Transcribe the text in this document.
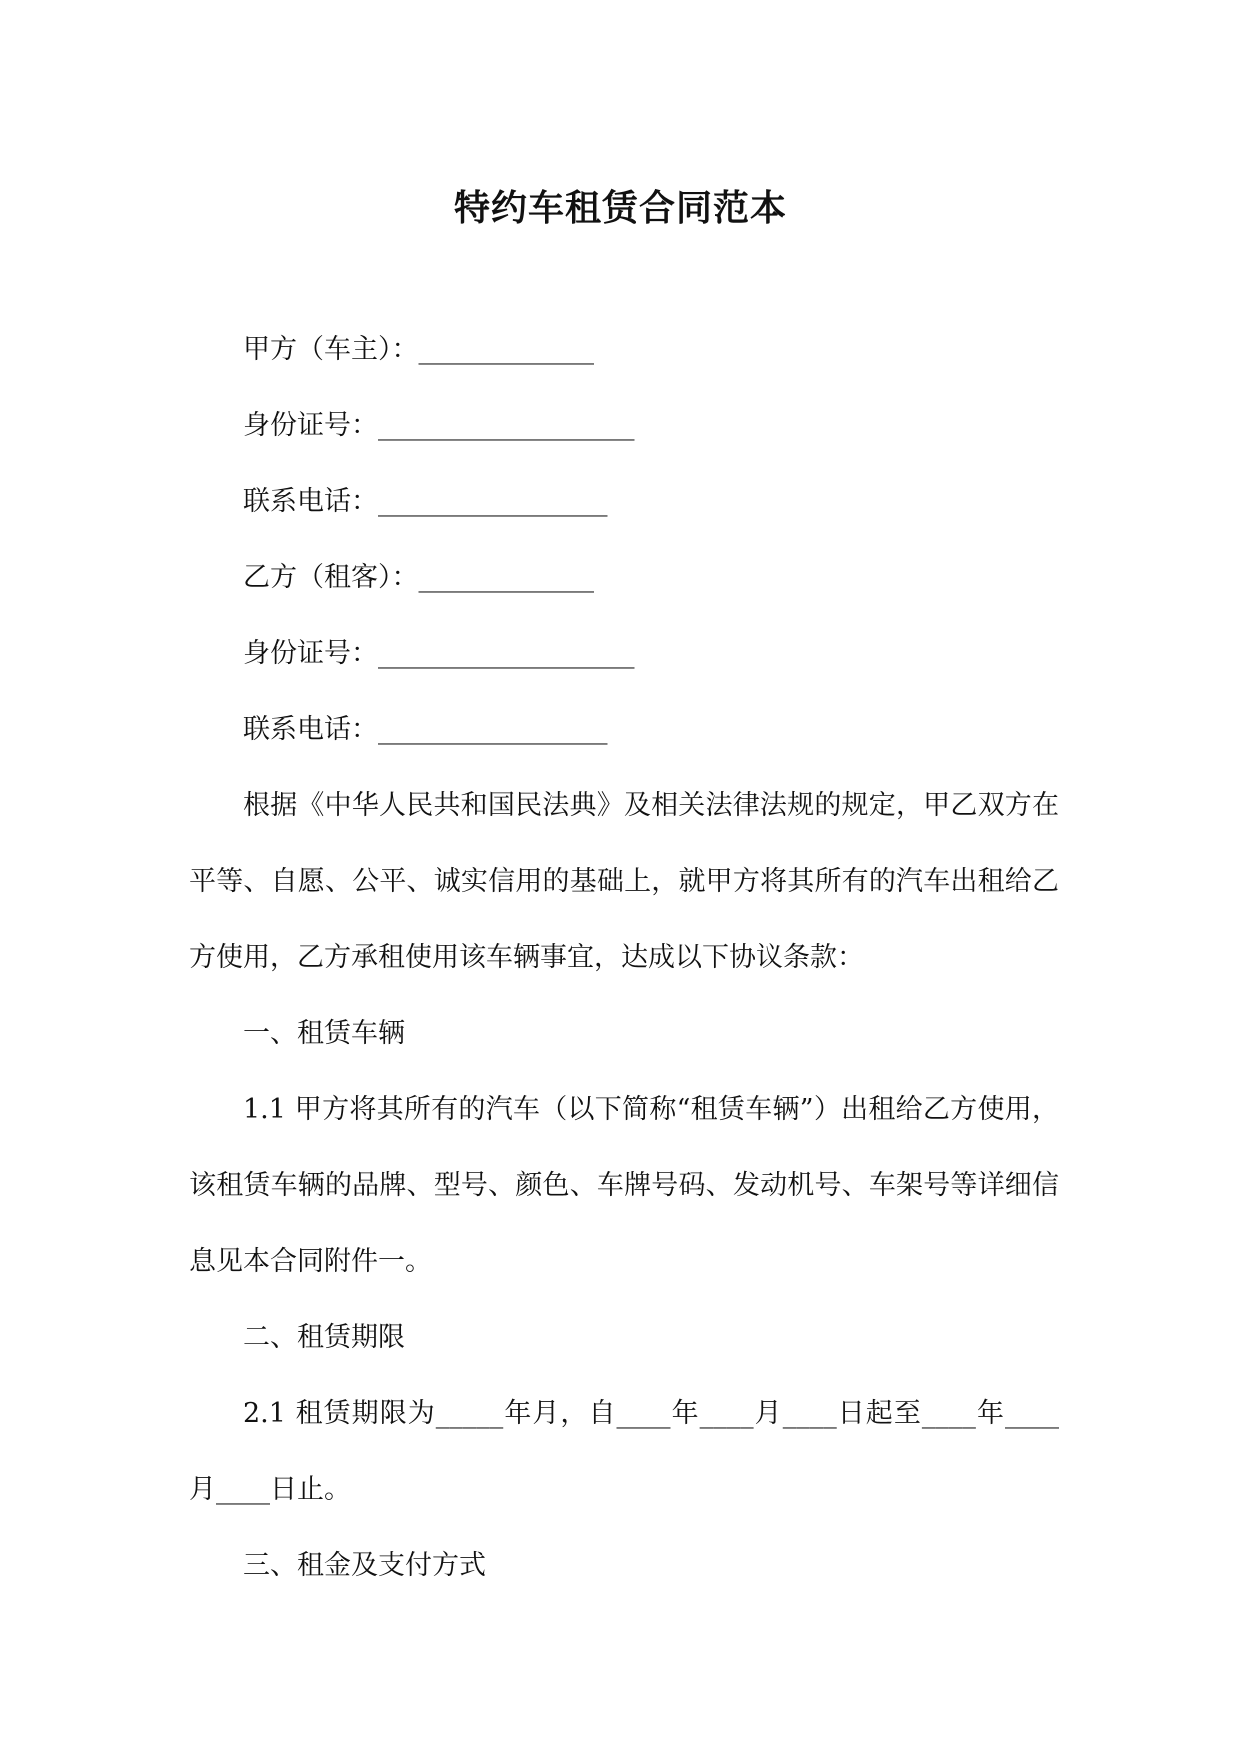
特约车租赁合同范本

甲方（车主）：_____________

身份证号：___________________

联系电话：_________________

乙方（租客）：_____________

身份证号：___________________

联系电话：_________________

根据《中华人民共和国民法典》及相关法律法规的规定，甲乙双方在平等、自愿、公平、诚实信用的基础上，就甲方将其所有的汽车出租给乙方使用，乙方承租使用该车辆事宜，达成以下协议条款：

一、租赁车辆

1.1 甲方将其所有的汽车（以下简称“租赁车辆”）出租给乙方使用，该租赁车辆的品牌、型号、颜色、车牌号码、发动机号、车架号等详细信息见本合同附件一。

二、租赁期限

2.1 租赁期限为_____年月，自____年____月____日起至____年____月____日止。

三、租金及支付方式
